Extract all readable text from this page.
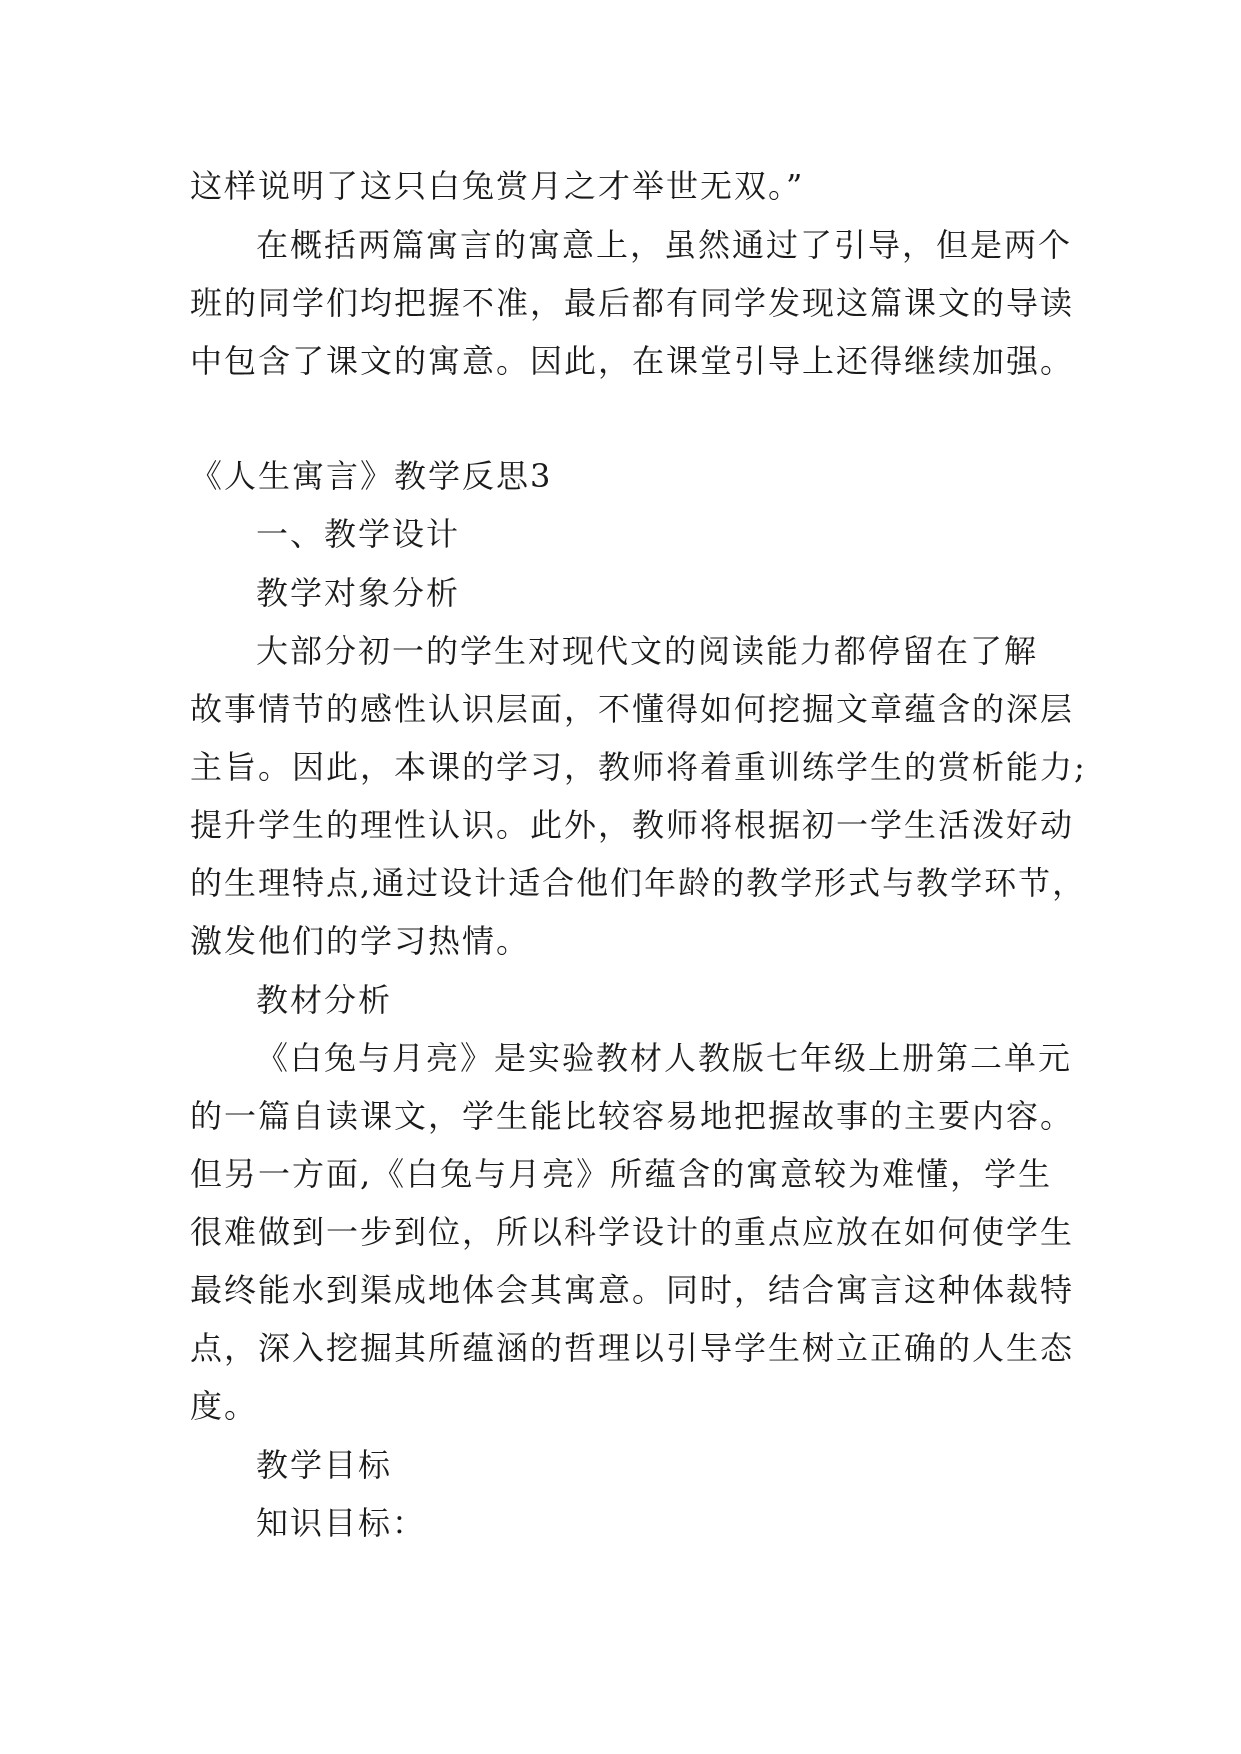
这样说明了这只白兔赏月之才举世无双。”
在概括两篇寓言的寓意上，虽然通过了引导，但是两个
班的同学们均把握不准，最后都有同学发现这篇课文的导读
中包含了课文的寓意。因此，在课堂引导上还得继续加强。
《人生寓言》教学反思3
一、教学设计
教学对象分析
大部分初一的学生对现代文的阅读能力都停留在了解
故事情节的感性认识层面，不懂得如何挖掘文章蕴含的深层
主旨。因此，本课的学习，教师将着重训练学生的赏析能力;
提升学生的理性认识。此外，教师将根据初一学生活泼好动
的生理特点,通过设计适合他们年龄的教学形式与教学环节，
激发他们的学习热情。
教材分析
《白兔与月亮》是实验教材人教版七年级上册第二单元
的一篇自读课文，学生能比较容易地把握故事的主要内容。
但另一方面,《白兔与月亮》所蕴含的寓意较为难懂，学生
很难做到一步到位，所以科学设计的重点应放在如何使学生
最终能水到渠成地体会其寓意。同时，结合寓言这种体裁特
点，深入挖掘其所蕴涵的哲理以引导学生树立正确的人生态
度。
教学目标
知识目标：
